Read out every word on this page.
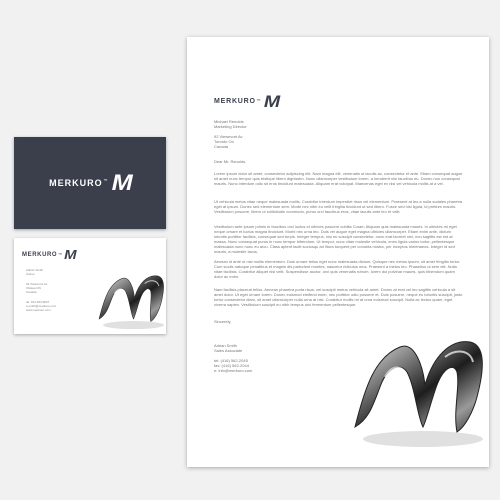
MERKURO™ M
MERKURO™ M
Adrian Smith
Owner
92 Viewmont Av
Ottawa ON
Canada
tel: 013 484 9847
a.smith@merkuro.com
www.merkuro.com
MERKURO™ M
Michael Renolds
Marketing Director
92 Viewmont Av
Toronto On
Canada
Dear Mr. Renolds,
Lorem ipsum dolor sit amet, consectetur adipiscing elit. Nam magna elit, venenatis ut iaculis ac, consectetur et ante. Etiam consequat augue sit amet nunc tempor quis tristique libero dignissim. Nunc ullamcorper vestibulum lorem, a hendrerit nisi faucibus eu. Donec non consequat mauris. Nunc interdum odio sit eros tincidunt malesuada. Aliquam erat volutpat. Maecenas eget ex nisi vel vehicula mollis at a vel.
Ut vehicula metus vitae neque malesuada mollis. Curabitur interdum imperdiet risus vel elementum. Praesent at leo a nulla sodales pharetra eget at ipsum. Donec sed elementum sem. Morbi nec nibh eu velit fringilla tincidunt ut sed libero. Fusce sed nisi ligula, id pretium mauris. Vestibulum posuere, libero ut sollicitudin commodo, purus orci faucibus eros, vitae iaculis ante leo et velit.
Vestibulum ante ipsum primis in faucibus orci luctus et ultrices posuere cubilia Curae; Aliquam quis malesuada mauris. In ultricies mi eget neque ornare et luctus magna tincidunt. Morbi nec urna leo. Duis vel augue eget magna ultricies ullamcorper. Etiam enim ante, dictum lobortis porttitor facilisis, consequat sed turpis. Integer tempus, nisi eu suscipit consectetur, nunc erat laoreet nisl, non sagittis est est at massa. Nunc consequat purus in nunc tempor bibendum. Ut tempor, nunc vitae molestie vehicula, enim ligula varius tortor, pellentesque malesuada nunc nunc eu arcu. Class aptent taciti sociosqu ad litora torquent per conubia nostra, per inceptos himenaeos. Integer id sed mauris, a molestie lacus.
Aenean id ante ut nisl mollis elementum. Duis ornare tellus eget nunc malesuada dictum. Quisque nec metus ipsum, sit amet fringilla tortor. Cum sociis natoque penatibus et magnis dis parturient montes, nascetur ridiculus mus. Praesent a metus leo. Phasellus ut sem elit. Nulla vitae facilisis. Curabitur aliquet nisl velit. Suspendisse auctor, orci quis venenatis rutrum, lorem dui pulvinar mauris, quis bibendum quam dolor ac enim.
Nam facilisis placerat tellus. Aenean pharetra porta risus, vel suscipit metus vehicula sit amet. Donec at erat vel leo sagittis vehicula a sit amet dolor. Ut eget ornare lorem. Donec euismod eleifend enim, nec porttitor odio posuere et. Duis posuere, neque eu lobortis suscipit, justo tortor consectetur diam, sit amet ullamcorper nulla urna at nisi. Curabitur mollis mi at urna euismod suscipit. Nulla ac lectus quam, eget viverra sapien. Vestibulum suscipit eu nibh tempus orci fermentum pellentesque.
Sincerely,
Adrian Smith
Sales Associate
tel: (416) 562-2045
fax: (416) 562-2044
e: info@merkuro.com
